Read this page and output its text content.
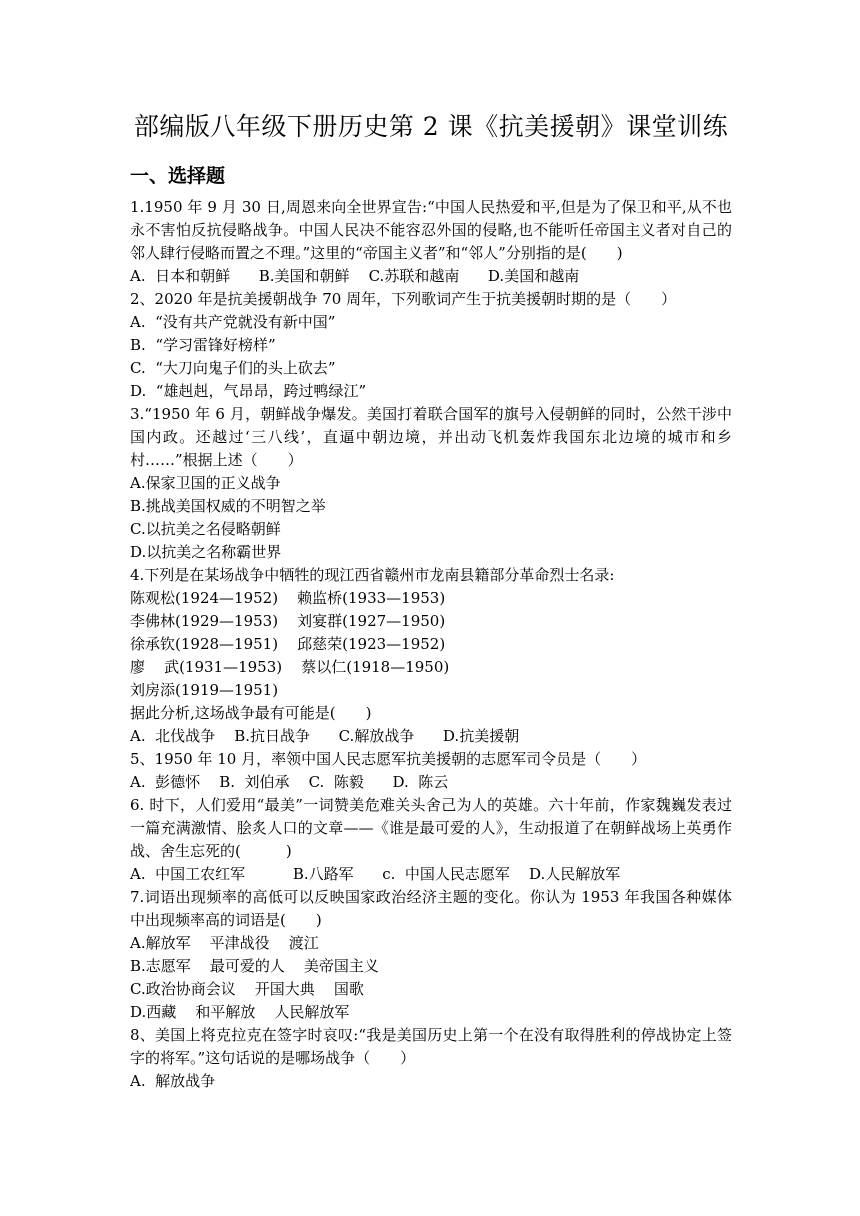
部编版八年级下册历史第 2 课《抗美援朝》课堂训练
一、选择题
1.1950 年 9 月 30 日,周恩来向全世界宣告:“中国人民热爱和平,但是为了保卫和平,从不也永不害怕反抗侵略战争。中国人民决不能容忍外国的侵略,也不能听任帝国主义者对自己的邻人肆行侵略而置之不理。”这里的“帝国主义者”和“邻人”分别指的是(　　)
A.  日本和朝鲜      B.美国和朝鲜    C.苏联和越南      D.美国和越南
2、2020 年是抗美援朝战争 70 周年，下列歌词产生于抗美援朝时期的是（　　）
A.  “没有共产党就没有新中国”
B.  “学习雷锋好榜样”
C.  “大刀向鬼子们的头上砍去”
D.  “雄赳赳，气昂昂，跨过鸭绿江”
3.“1950 年 6 月，朝鲜战争爆发。美国打着联合国军的旗号入侵朝鲜的同时，公然干涉中国内政。还越过‘三八线’，直逼中朝边境，并出动飞机轰炸我国东北边境的城市和乡村……”根据上述（　　）
A.保家卫国的正义战争
B.挑战美国权威的不明智之举
C.以抗美之名侵略朝鲜
D.以抗美之名称霸世界
4.下列是在某场战争中牺牲的现江西省赣州市龙南县籍部分革命烈士名录:
陈观松(1924—1952)    赖监桥(1933—1953)
李佛林(1929—1953)    刘宴群(1927—1950)
徐承钦(1928—1951)    邱慈荣(1923—1952)
廖    武(1931—1953)    蔡以仁(1918—1950)
刘房添(1919—1951)
据此分析,这场战争最有可能是(　　)
A.  北伐战争    B.抗日战争      C.解放战争      D.抗美援朝
5、1950 年 10 月，率领中国人民志愿军抗美援朝的志愿军司令员是（　　）
A.  彭德怀    B.  刘伯承    C.  陈毅      D.  陈云
6. 时下，人们爱用“最美”一词赞美危难关头舍己为人的英雄。六十年前，作家魏巍发表过一篇充满激情、脍炙人口的文章——《谁是最可爱的人》，生动报道了在朝鲜战场上英勇作战、舍生忘死的(　　　)
A.  中国工农红军          B.八路军      c.  中国人民志愿军    D.人民解放军
7.词语出现频率的高低可以反映国家政治经济主题的变化。你认为 1953 年我国各种媒体中出现频率高的词语是(　　)
A.解放军    平津战役    渡江
B.志愿军    最可爱的人    美帝国主义
C.政治协商会议    开国大典    国歌
D.西藏    和平解放    人民解放军
8、美国上将克拉克在签字时哀叹:“我是美国历史上第一个在没有取得胜利的停战协定上签字的将军。”这句话说的是哪场战争（　　）
A.  解放战争
